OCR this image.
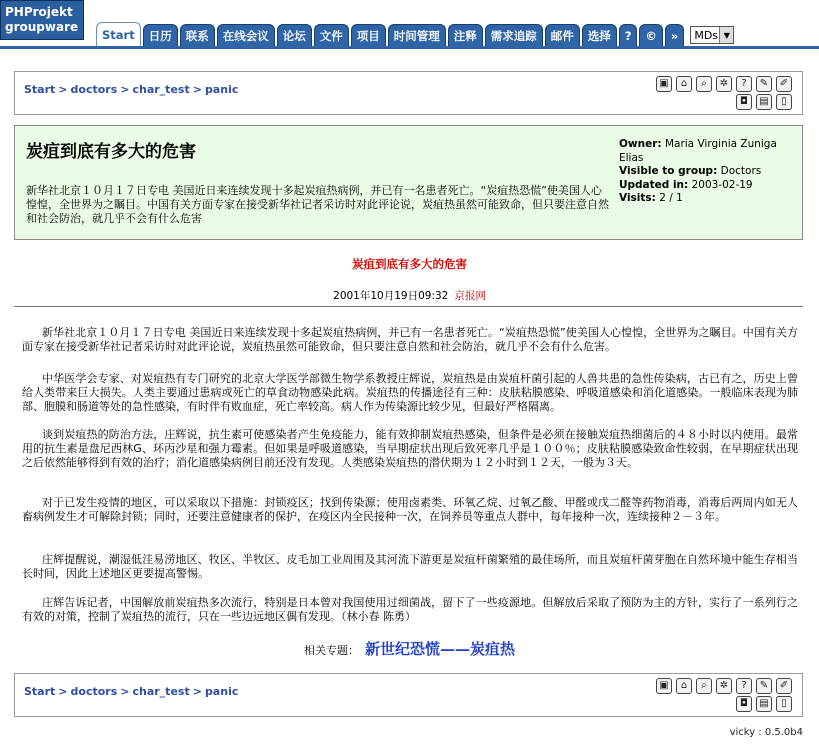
PHProjekt
groupware
Start	日历	联系	在线会议	论坛	文件	项目	时间管理	注释	需求追踪	邮件	选择	?	©	»	MDs ▼
Start > doctors > char_test > panic	▣	⌂	⌕	✲	?	✎	✐
◘	▤	▯
炭疽到底有多大的危害
新华社北京１０月１７日专电 美国近日来连续发现十多起炭疽热病例，并已有一名患者死亡。“炭疽热恐慌”使美国人心惶惶，全世界为之瞩目。中国有关方面专家在接受新华社记者采访时对此评论说，炭疽热虽然可能致命，但只要注意自然和社会防治，就几乎不会有什么危害
Owner: Maria Virginia Zuniga Elias
Visible to group: Doctors
Updated in: 2003-02-19
Visits: 2 / 1
炭疽到底有多大的危害
2001年10月19日09:32 京报网
新华社北京１０月１７日专电 美国近日来连续发现十多起炭疽热病例，并已有一名患者死亡。“炭疽热恐慌”使美国人心惶惶，全世界为之瞩目。中国有关方面专家在接受新华社记者采访时对此评论说，炭疽热虽然可能致命，但只要注意自然和社会防治，就几乎不会有什么危害。
中华医学会专家、对炭疽热有专门研究的北京大学医学部微生物学系教授庄辉说，炭疽热是由炭疽杆菌引起的人兽共患的急性传染病，古已有之，历史上曾给人类带来巨大损失。人类主要通过患病或死亡的草食动物感染此病。炭疽热的传播途径有三种：皮肤粘膜感染、呼吸道感染和消化道感染。一般临床表现为肺部、胞膜和肠道等处的急性感染，有时伴有败血症，死亡率较高。病人作为传染源比较少见，但最好严格隔离。
谈到炭疽热的防治方法，庄辉说，抗生素可使感染者产生免疫能力，能有效抑制炭疽热感染，但条件是必须在接触炭疽热细菌后的４８小时以内使用。最常用的抗生素是盘尼西林G、环丙沙星和强力霉素。但如果是呼吸道感染，当早期症状出现后致死率几乎是１００％；皮肤粘膜感染致命性较弱，在早期症状出现之后依然能够得到有效的治疗；消化道感染病例目前还没有发现。人类感染炭疽热的潜伏期为１２小时到１２天，一般为３天。
对于已发生疫情的地区，可以采取以下措施：封锁疫区；找到传染源；使用卤素类、环氧乙烷、过氧乙酸、甲醛或戊二醛等药物消毒，消毒后两周内如无人畜病例发生才可解除封锁；同时，还要注意健康者的保护，在疫区内全民接种一次，在饲养员等重点人群中，每年接种一次，连续接种２－３年。
庄辉提醒说，潮湿低洼易涝地区、牧区、半牧区、皮毛加工业周围及其河流下游更是炭疽杆菌繁殖的最佳场所，而且炭疽杆菌芽胞在自然环境中能生存相当长时间，因此上述地区更要提高警惕。
庄辉告诉记者，中国解放前炭疽热多次流行，特别是日本曾对我国使用过细菌战，留下了一些疫源地。但解放后采取了预防为主的方针，实行了一系列行之有效的对策，控制了炭疽热的流行，只在一些边远地区偶有发现。（林小春 陈勇）
相关专题： 新世纪恐慌——炭疽热
Start > doctors > char_test > panic	▣	⌂	⌕	✲	?	✎	✐
◘	▤	▯
vicky : 0.5.0b4
